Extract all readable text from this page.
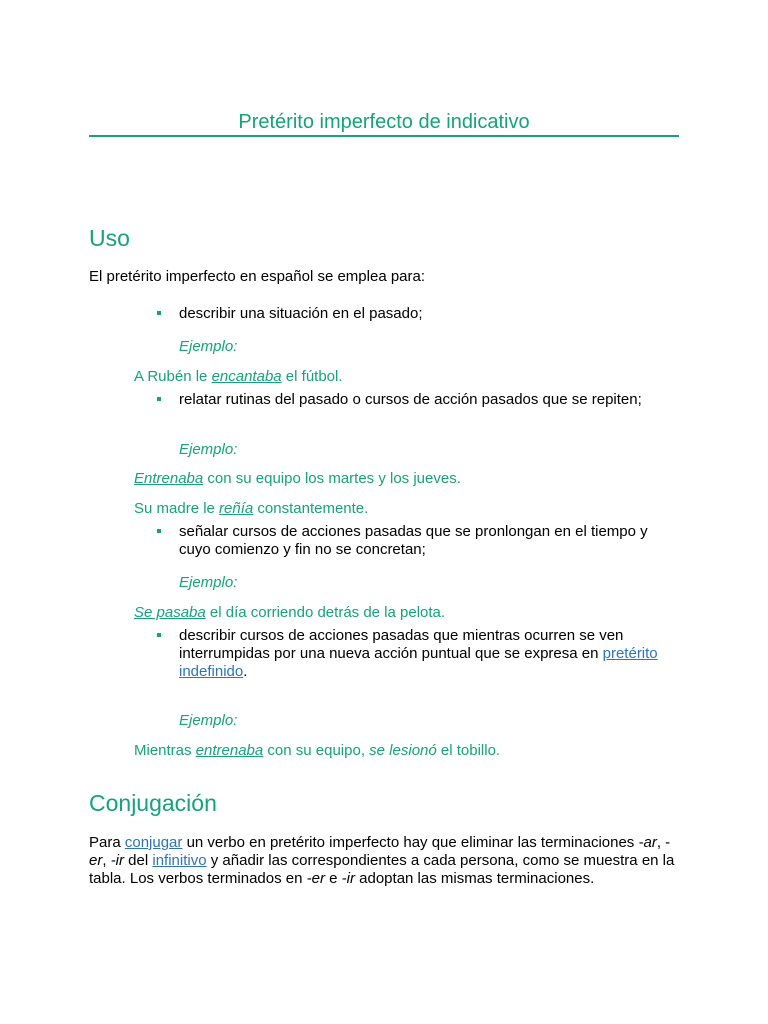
Pretérito imperfecto de indicativo
Uso
El pretérito imperfecto en español se emplea para:
describir una situación en el pasado;
Ejemplo:
A Rubén le encantaba el fútbol.
relatar rutinas del pasado o cursos de acción pasados que se repiten;
Ejemplo:
Entrenaba con su equipo los martes y los jueves.
Su madre le reñía constantemente.
señalar cursos de acciones pasadas que se pronlongan en el tiempo y
cuyo comienzo y fin no se concretan;
Ejemplo:
Se pasaba el día corriendo detrás de la pelota.
describir cursos de acciones pasadas que mientras ocurren se ven
interrumpidas por una nueva acción puntual que se expresa en pretérito
indefinido.
Ejemplo:
Mientras entrenaba con su equipo, se lesionó el tobillo.
Conjugación
Para conjugar un verbo en pretérito imperfecto hay que eliminar las terminaciones -ar, -
er, -ir del infinitivo y añadir las correspondientes a cada persona, como se muestra en la
tabla. Los verbos terminados en -er e -ir adoptan las mismas terminaciones.
